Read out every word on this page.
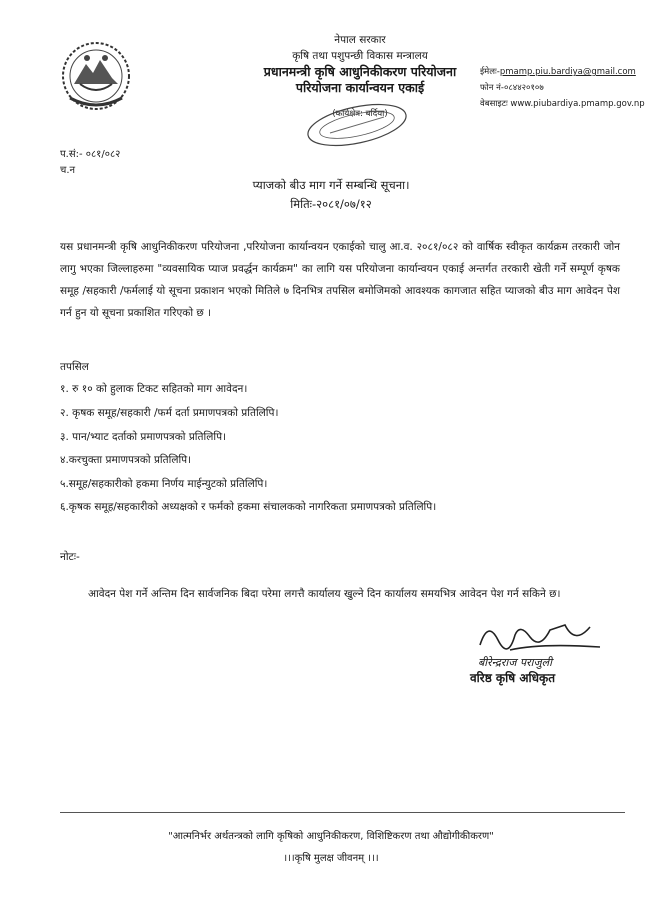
नेपाल सरकार
कृषि तथा पशुपन्छी विकास मन्त्रालय
प्रधानमन्त्री कृषि आधुनिकीकरण परियोजना
परियोजना कार्यान्वयन एकाई
(कार्यक्षेत्र: बर्दिया)
ईमेलः-pmamp.piu.bardiya@gmail.com
फोन नं-०८४४२०१०७
वेबसाइटः www.piubardiya.pmamp.gov.np
प.सं:- ०८१/०८२
च.न
प्याजको बीउ माग गर्ने सम्बन्धि सूचना।
मितिः-२०८१/०७/१२
यस प्रधानमन्त्री कृषि आधुनिकीकरण परियोजना ,परियोजना कार्यान्वयन एकाईको चालु आ.व. २०८१/०८२ को वार्षिक स्वीकृत कार्यक्रम तरकारी जोन लागु भएका जिल्लाहरुमा "व्यवसायिक प्याज प्रवर्द्धन कार्यक्रम" का लागि यस परियोजना कार्यान्वयन एकाई अन्तर्गत तरकारी खेती गर्ने सम्पूर्ण कृषक समूह /सहकारी /फर्मलाई यो सूचना प्रकाशन भएको मितिले ७ दिनभित्र तपसिल बमोजिमको आवश्यक कागजात सहित प्याजको बीउ माग आवेदन पेश गर्न हुन यो सूचना प्रकाशित गरिएको छ ।
तपसिल
१. रु १० को हुलाक टिकट सहितको माग आवेदन।
२. कृषक समूह/सहकारी /फर्म दर्ता प्रमाणपत्रको प्रतिलिपि।
३. पान/भ्याट दर्ताको प्रमाणपत्रको प्रतिलिपि।
४.करचुक्ता प्रमाणपत्रको प्रतिलिपि।
५.समूह/सहकारीको हकमा निर्णय माईन्युटको प्रतिलिपि।
६.कृषक समूह/सहकारीको अध्यक्षको र फर्मको हकमा संचालकको नागरिकता प्रमाणपत्रको प्रतिलिपि।
नोटः-
आवेदन पेश गर्ने अन्तिम दिन सार्वजनिक बिदा परेमा लगत्तै कार्यालय खुल्ने दिन कार्यालय समयभित्र आवेदन पेश गर्न सकिने छ।
बीरेन्द्रराज पराजुली
वरिष्ठ कृषि अधिकृत
"आत्मनिर्भर अर्थतन्त्रको लागि कृषिको आधुनिकीकरण, विशिष्टिकरण तथा औद्योगीकीकरण"
।।।कृषि मुलक्ष जीवनम् ।।।
